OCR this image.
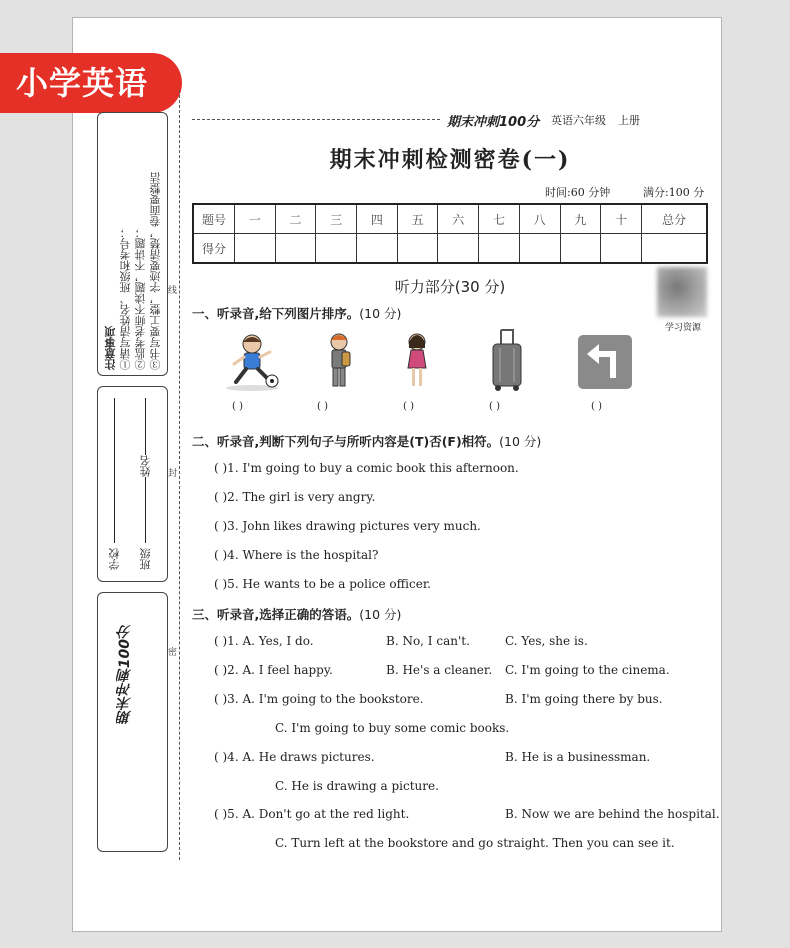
小学英语
注意事项 ①请写清姓名、班级和考号； ②监考老师不读题，不讲题； ③书写要工整，字迹要清楚，卷面要整洁
学校 班级
姓名
期末冲刺100分
线
封
密
期末冲刺100分 英语六年级 上册
期末冲刺检测密卷(一)
时间:60 分钟	满分:100 分
题号	一	二	三	四	五	六	七	八	九	十	总分
得分											
学习资源
听力部分(30 分)
一、听录音,给下列图片排序。(10 分)
( )	( )	( )	( )	( )
二、听录音,判断下列句子与所听内容是(T)否(F)相符。(10 分)
( )1. I'm going to buy a comic book this afternoon.
( )2. The girl is very angry.
( )3. John likes drawing pictures very much.
( )4. Where is the hospital?
( )5. He wants to be a police officer.
三、听录音,选择正确的答语。(10 分)
( )1. A. Yes, I do.	B. No, I can't.	C. Yes, she is.
( )2. A. I feel happy.	B. He's a cleaner. C. I'm going to the cinema.
( )3. A. I'm going to the bookstore.	B. I'm going there by bus.
C. I'm going to buy some comic books.
( )4. A. He draws pictures.	B. He is a businessman.
C. He is drawing a picture.
( )5. A. Don't go at the red light.	B. Now we are behind the hospital.
C. Turn left at the bookstore and go straight. Then you can see it.
